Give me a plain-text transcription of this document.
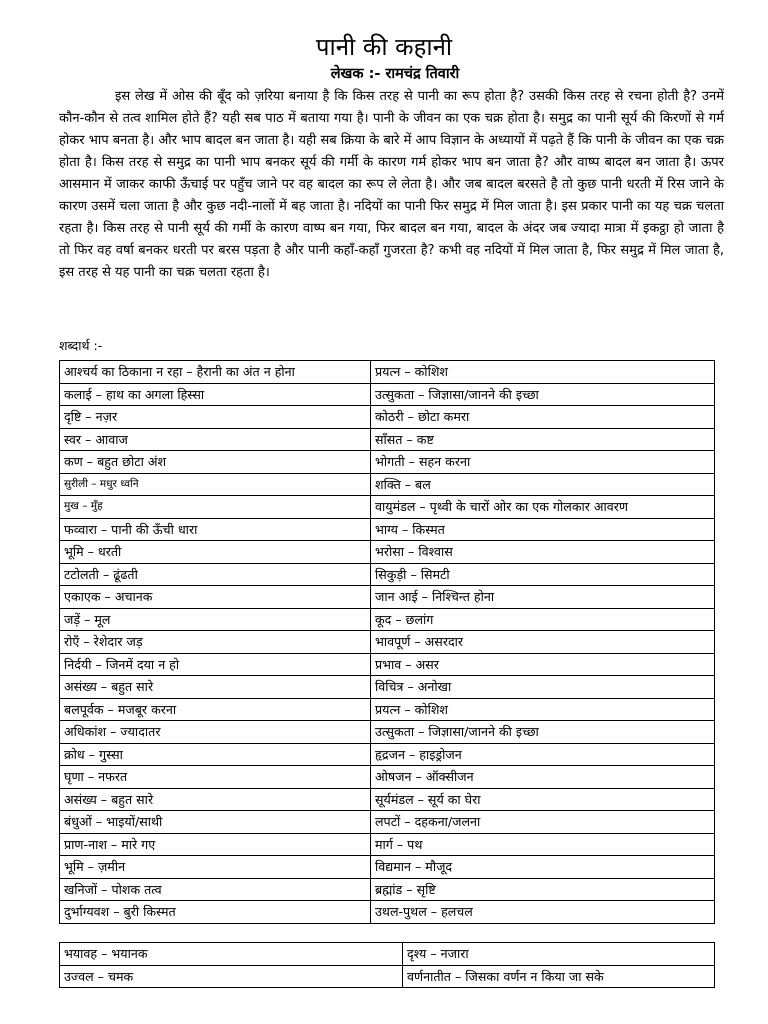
पानी की कहानी
लेखक :- रामचंद्र तिवारी

इस लेख में ओस की बूँद को ज़रिया बनाया है कि किस तरह से पानी का रूप होता है? उसकी किस तरह से रचना होती है? उनमें कौन-कौन से तत्व शामिल होते हैं? यही सब पाठ में बताया गया है। पानी के जीवन का एक चक्र होता है। समुद्र का पानी सूर्य की किरणों से गर्म होकर भाप बनता है। और भाप बादल बन जाता है। यही सब क्रिया के बारे में आप विज्ञान के अध्यायों में पढ़ते हैं कि पानी के जीवन का एक चक्र होता है। किस तरह से समुद्र का पानी भाप बनकर सूर्य की गर्मी के कारण गर्म होकर भाप बन जाता है? और वाष्प बादल बन जाता है। ऊपर आसमान में जाकर काफी ऊँचाई पर पहुँच जाने पर वह बादल का रूप ले लेता है। और जब बादल बरसते है तो कुछ पानी धरती में रिस जाने के कारण उसमें चला जाता है और कुछ नदी-नालों में बह जाता है। नदियों का पानी फिर समुद्र में मिल जाता है। इस प्रकार पानी का यह चक्र चलता रहता है। किस तरह से पानी सूर्य की गर्मी के कारण वाष्प बन गया, फिर बादल बन गया, बादल के अंदर जब ज्यादा मात्रा में इकट्ठा हो जाता है तो फिर वह वर्षा बनकर धरती पर बरस पड़ता है और पानी कहाँ-कहाँ गुजरता है? कभी वह नदियों में मिल जाता है, फिर समुद्र में मिल जाता है, इस तरह से यह पानी का चक्र चलता रहता है।

शब्दार्थ :-
आश्चर्य का ठिकाना न रहा – हैरानी का अंत न होना	प्रयत्न – कोशिश
कलाई – हाथ का अगला हिस्सा	उत्सुकता – जिज्ञासा/जानने की इच्छा
दृष्टि – नज़र	कोठरी – छोटा कमरा
स्वर – आवाज	साँसत – कष्ट
कण – बहुत छोटा अंश	भोगती – सहन करना
सुरीली – मधुर ध्वनि	शक्ति – बल
मुख – मुँह	वायुमंडल – पृथ्वी के चारों ओर का एक गोलकार आवरण
फव्वारा – पानी की ऊँची धारा	भाग्य – किस्मत
भूमि – धरती	भरोसा – विश्वास
टटोलती – ढूंढती	सिकुड़ी – सिमटी
एकाएक – अचानक	जान आई – निश्चिन्त होना
जड़ें – मूल	कूद – छलांग
रोएँ – रेशेदार जड़	भावपूर्ण – असरदार
निर्दयी – जिनमें दया न हो	प्रभाव – असर
असंख्य – बहुत सारे	विचित्र – अनोखा
बलपूर्वक – मजबूर करना	प्रयत्न – कोशिश
अधिकांश – ज्यादातर	उत्सुकता – जिज्ञासा/जानने की इच्छा
क्रोध – गुस्सा	हृद्रजन – हाइड्रोजन
घृणा – नफरत	ओषजन – ऑक्सीजन
असंख्य – बहुत सारे	सूर्यमंडल – सूर्य का घेरा
बंधुओं – भाइयों/साथी	लपटों – दहकना/जलना
प्राण-नाश – मारे गए	मार्ग – पथ
भूमि – ज़मीन	विद्यमान – मौजूद
खनिजों – पोशक तत्व	ब्रह्मांड – सृष्टि
दुर्भाग्यवश – बुरी किस्मत	उथल-पुथल – हलचल
भयावह – भयानक	दृश्य – नजारा
उज्वल – चमक	वर्णनातीत – जिसका वर्णन न किया जा सके
